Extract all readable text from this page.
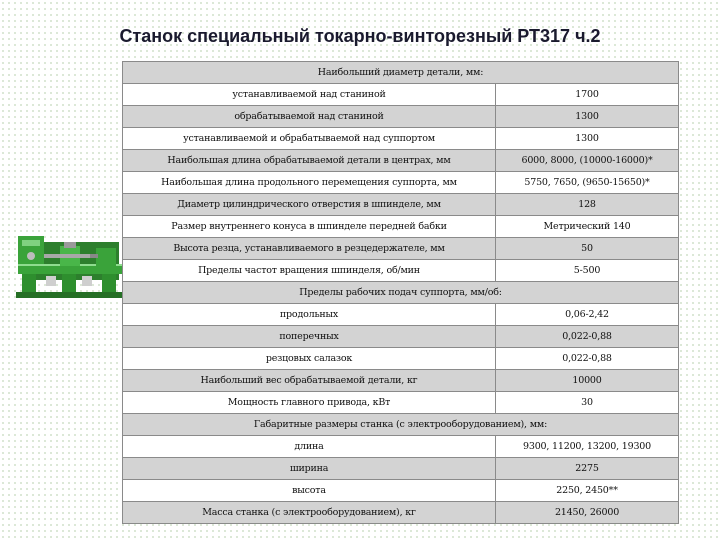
Станок специальный токарно-винторезный РТ317 ч.2
Наибольший диаметр детали, мм:	
устанавливаемой над станиной	1700
обрабатываемой над станиной	1300
устанавливаемой и обрабатываемой над суппортом	1300
Наибольшая длина обрабатываемой детали в центрах, мм	6000, 8000, (10000-16000)*
Наибольшая длина продольного перемещения суппорта, мм	5750, 7650, (9650-15650)*
Диаметр цилиндрического отверстия в шпинделе, мм	128
Размер внутреннего конуса в шпинделе передней бабки	Метрический 140
Высота резца, устанавливаемого в резцедержателе, мм	50
Пределы частот вращения шпинделя, об/мин	5-500
Пределы рабочих подач суппорта, мм/об:	
продольных	0,06-2,42
поперечных	0,022-0,88
резцовых салазок	0,022-0,88
Наибольший вес обрабатываемой детали, кг	10000
Мощность главного привода, кВт	30
Габаритные размеры станка (с электрооборудованием), мм:	
длина	9300, 11200, 13200, 19300
ширина	2275
высота	2250, 2450**
Масса станка (с электрооборудованием), кг	21450, 26000
